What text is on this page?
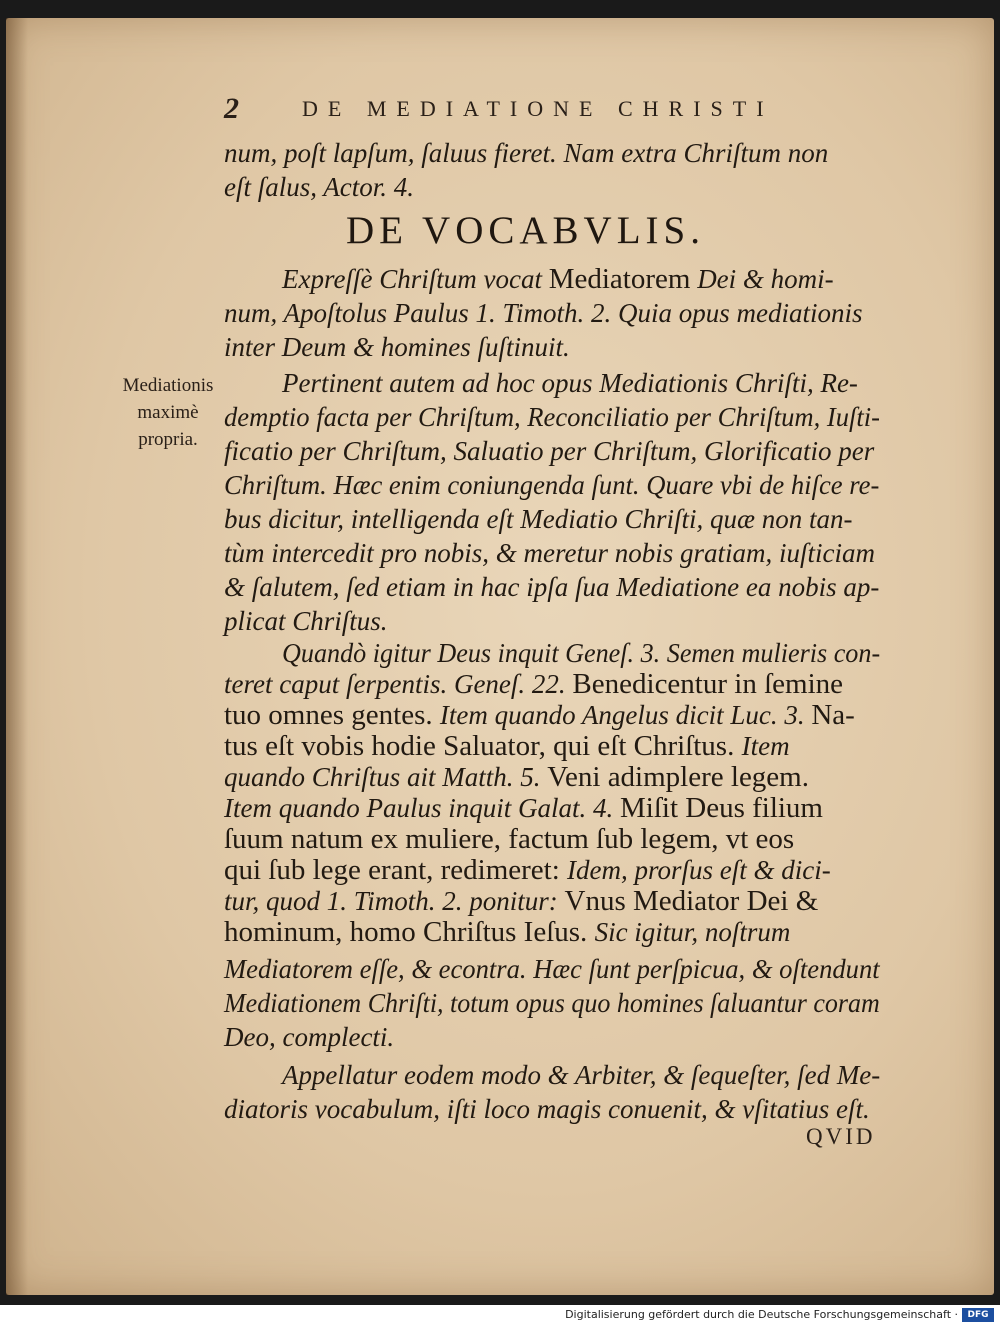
2	DE MEDIATIONE CHRISTI
num, poſt lapſum, ſaluus fieret. Nam extra Chriſtum non
eſt ſalus, Actor. 4.
DE VOCABVLIS.
Expreſſè Chriſtum vocat Mediatorem Dei & homi-
num, Apoſtolus Paulus 1. Timoth. 2. Quia opus mediationis
inter Deum & homines ſuſtinuit.
Mediationis
maximè
propria.
Pertinent autem ad hoc opus Mediationis Chriſti, Re-
demptio facta per Chriſtum, Reconciliatio per Chriſtum, Iuſti-
ficatio per Chriſtum, Saluatio per Chriſtum, Glorificatio per
Chriſtum. Hæc enim coniungenda ſunt. Quare vbi de hiſce re-
bus dicitur, intelligenda eſt Mediatio Chriſti, quæ non tan-
tùm intercedit pro nobis, & meretur nobis gratiam, iuſticiam
& ſalutem, ſed etiam in hac ipſa ſua Mediatione ea nobis ap-
plicat Chriſtus.
Quandò igitur Deus inquit Geneſ. 3. Semen mulieris con-
teret caput ſerpentis. Geneſ. 22. Benedicentur in ſemine
tuo omnes gentes. Item quando Angelus dicit Luc. 3. Na-
tus eſt vobis hodie Saluator, qui eſt Chriſtus. Item
quando Chriſtus ait Matth. 5. Veni adimplere legem.
Item quando Paulus inquit Galat. 4. Miſit Deus filium
ſuum natum ex muliere, factum ſub legem, vt eos
qui ſub lege erant, redimeret: Idem, prorſus eſt & dici-
tur, quod 1. Timoth. 2. ponitur: Vnus Mediator Dei &
hominum, homo Chriſtus Ieſus. Sic igitur, noſtrum
Mediatorem eſſe, & econtra. Hæc ſunt perſpicua, & oſtendunt
Mediationem Chriſti, totum opus quo homines ſaluantur coram
Deo, complecti.
Appellatur eodem modo & Arbiter, & ſequeſter, ſed Me-
diatoris vocabulum, iſti loco magis conuenit, & vſitatius eſt.
QVID
Digitalisierung gefördert durch die Deutsche Forschungsgemeinschaft ·	DFG
